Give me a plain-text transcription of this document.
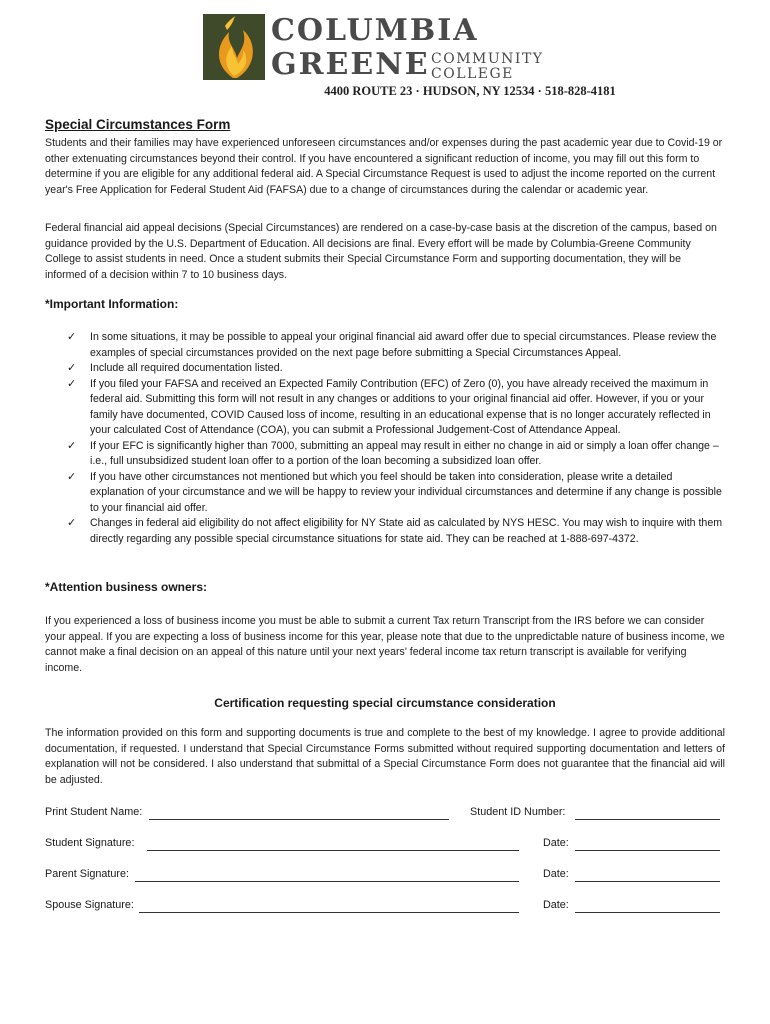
COLUMBIA
GREENE COMMUNITY
COLLEGE
4400 ROUTE 23 · HUDSON, NY 12534 · 518-828-4181
Special Circumstances Form
Students and their families may have experienced unforeseen circumstances and/or expenses during the past academic year due to Covid-19 or other extenuating circumstances beyond their control. If you have encountered a significant reduction of income, you may fill out this form to determine if you are eligible for any additional federal aid. A Special Circumstance Request is used to adjust the income reported on the current year's Free Application for Federal Student Aid (FAFSA) due to a change of circumstances during the calendar or academic year.
Federal financial aid appeal decisions (Special Circumstances) are rendered on a case-by-case basis at the discretion of the campus, based on guidance provided by the U.S. Department of Education. All decisions are final. Every effort will be made by Columbia-Greene Community College to assist students in need. Once a student submits their Special Circumstance Form and supporting documentation, they will be informed of a decision within 7 to 10 business days.
*Important Information:
✓ In some situations, it may be possible to appeal your original financial aid award offer due to special circumstances. Please review the examples of special circumstances provided on the next page before submitting a Special Circumstances Appeal.
✓ Include all required documentation listed.
✓ If you filed your FAFSA and received an Expected Family Contribution (EFC) of Zero (0), you have already received the maximum in federal aid. Submitting this form will not result in any changes or additions to your original financial aid offer. However, if you or your family have documented, COVID Caused loss of income, resulting in an educational expense that is no longer accurately reflected in your calculated Cost of Attendance (COA), you can submit a Professional Judgement-Cost of Attendance Appeal.
✓ If your EFC is significantly higher than 7000, submitting an appeal may result in either no change in aid or simply a loan offer change – i.e., full unsubsidized student loan offer to a portion of the loan becoming a subsidized loan offer.
✓ If you have other circumstances not mentioned but which you feel should be taken into consideration, please write a detailed explanation of your circumstance and we will be happy to review your individual circumstances and determine if any change is possible to your financial aid offer.
✓ Changes in federal aid eligibility do not affect eligibility for NY State aid as calculated by NYS HESC. You may wish to inquire with them directly regarding any possible special circumstance situations for state aid. They can be reached at 1-888-697-4372.
*Attention business owners:
If you experienced a loss of business income you must be able to submit a current Tax return Transcript from the IRS before we can consider your appeal. If you are expecting a loss of business income for this year, please note that due to the unpredictable nature of business income, we cannot make a final decision on an appeal of this nature until your next years' federal income tax return transcript is available for verifying income.
Certification requesting special circumstance consideration
The information provided on this form and supporting documents is true and complete to the best of my knowledge. I agree to provide additional documentation, if requested. I understand that Special Circumstance Forms submitted without required supporting documentation and letters of explanation will not be considered. I also understand that submittal of a Special Circumstance Form does not guarantee that the financial aid will be adjusted.
Print Student Name:	Student ID Number:
Student Signature:	Date:
Parent Signature:	Date:
Spouse Signature:	Date:
